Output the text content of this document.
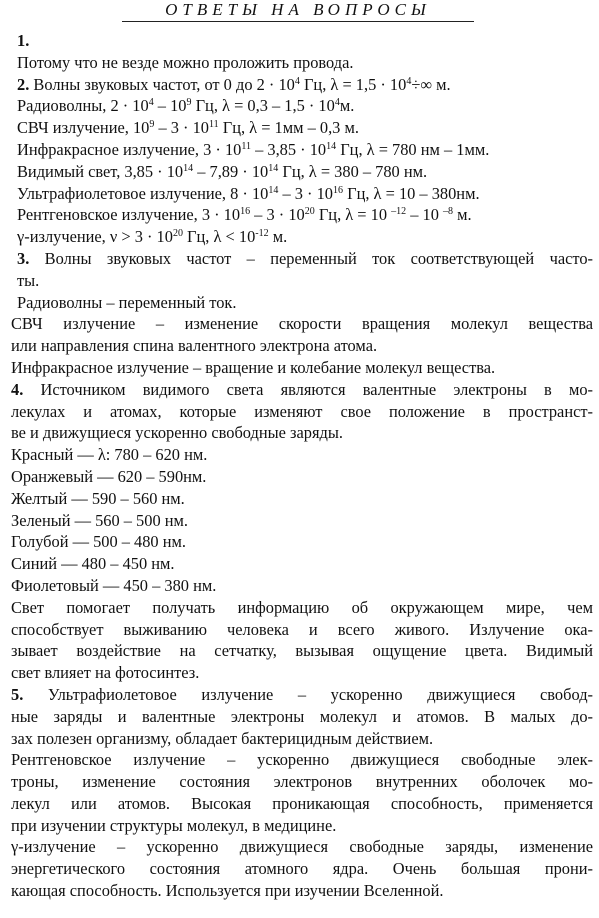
ОТВЕТЫ НА ВОПРОСЫ
1.
Потому что не везде можно проложить провода.
2. Волны звуковых частот, от 0 до $2 \cdot 10^4$ Гц, $\lambda = 1,5 \cdot 10^4\div\infty$ м.
Радиоволны, $2 \cdot 10^4 - 10^9$ Гц, $\lambda = 0,3 - 1,5 \cdot 10^4м$.
СВЧ излучение, $10^9 - 3 \cdot 10^{11}$ Гц, λ = 1мм – 0,3 м.
Инфракрасное излучение, $3 \cdot 10^{11} - 3,85 \cdot 10^{14}$ Гц, λ = 780 нм – 1мм.
Видимый свет, $3,85 \cdot 10^{14} - 7,89 \cdot 10^{14}$ Гц, λ = 380 – 780 нм.
Ультрафиолетовое излучение, $8 \cdot 10^{14} - 3 \cdot 10^{16}$ Гц, λ = 10 – 380нм.
Рентгеновское излучение, $3 \cdot 10^{16} - 3 \cdot 10^{20}$ Гц, λ = 10 $^{-12}$ – 10 $^{-8}$ м.
γ-излучение, $\nu > 3 \cdot 10^{20}$ Гц, $\lambda < 10^{-12}$ м.
3. Волны звуковых частот – переменный ток соответствующей часто-
ты.
Радиоволны – переменный ток.
СВЧ излучение – изменение скорости вращения молекул вещества
или направления спина валентного электрона атома.
Инфракрасное излучение – вращение и колебание молекул вещества.
4. Источником видимого света являются валентные электроны в мо-
лекулах и атомах, которые изменяют свое положение в пространст-
ве и движущиеся ускоренно свободные заряды.
Красный — λ: 780 – 620 нм.
Оранжевый — 620 – 590нм.
Желтый — 590 – 560 нм.
Зеленый — 560 – 500 нм.
Голубой — 500 – 480 нм.
Синий — 480 – 450 нм.
Фиолетовый — 450 – 380 нм.
Свет помогает получать информацию об окружающем мире, чем
способствует выживанию человека и всего живого. Излучение ока-
зывает воздействие на сетчатку, вызывая ощущение цвета. Видимый
свет влияет на фотосинтез.
5. Ультрафиолетовое излучение – ускоренно движущиеся свобод-
ные заряды и валентные электроны молекул и атомов. В малых до-
зах полезен организму, обладает бактерицидным действием.
Рентгеновское излучение – ускоренно движущиеся свободные элек-
троны, изменение состояния электронов внутренних оболочек мо-
лекул или атомов. Высокая проникающая способность, применяется
при изучении структуры молекул, в медицине.
γ-излучение – ускоренно движущиеся свободные заряды, изменение
энергетического состояния атомного ядра. Очень большая прони-
кающая способность. Используется при изучении Вселенной.
